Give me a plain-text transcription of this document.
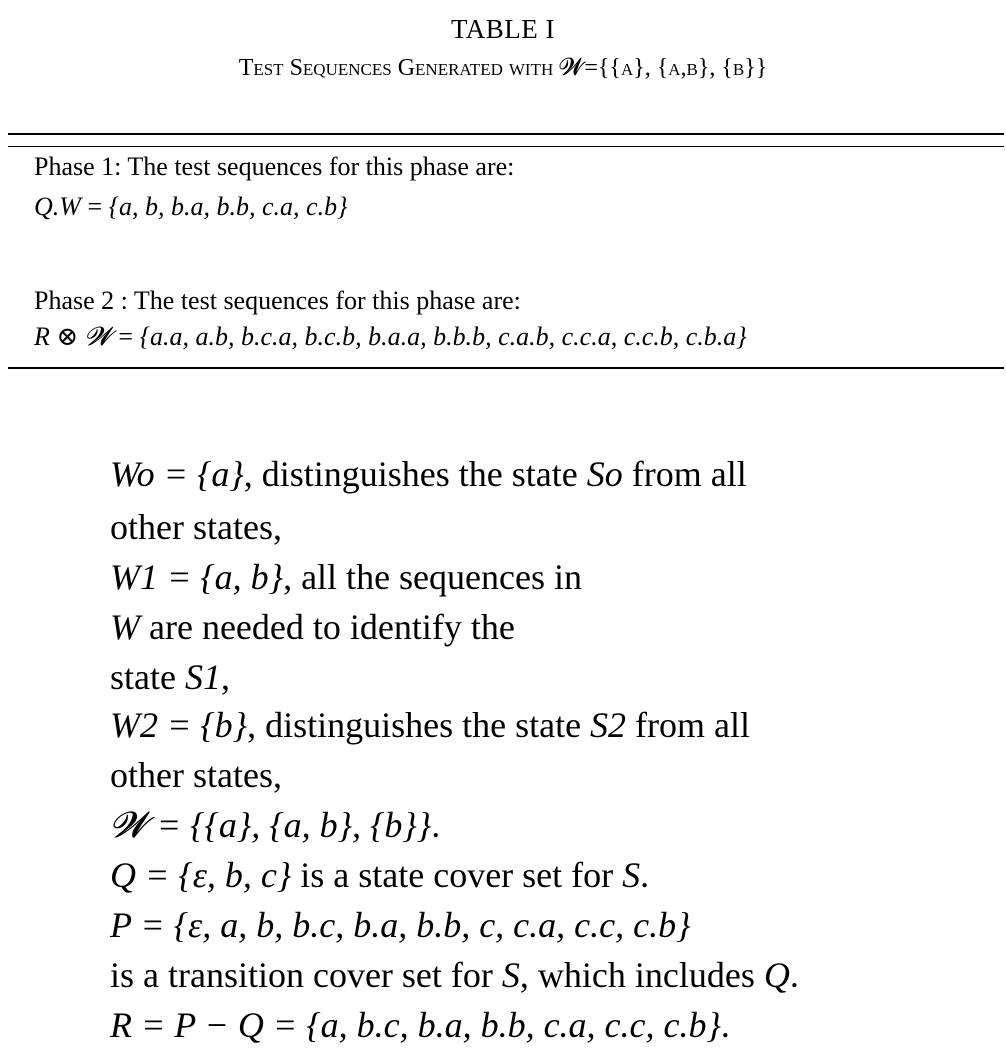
TABLE I
Test Sequences Generated with 𝓦={{a}, {a,b}, {b}}
Phase 1: The test sequences for this phase are:
Q.W = {a, b, b.a, b.b, c.a, c.b}
Phase 2 : The test sequences for this phase are:
R ⊗ 𝓦 = {a.a, a.b, b.c.a, b.c.b, b.a.a, b.b.b, c.a.b, c.c.a, c.c.b, c.b.a}
Wo = {a}, distinguishes the state So from all
other states,
W1 = {a, b}, all the sequences in
W are needed to identify the
state S1,
W2 = {b}, distinguishes the state S2 from all
other states,
𝓦 = {{a}, {a, b}, {b}}.
Q = {ε, b, c} is a state cover set for S.
P = {ε, a, b, b.c, b.a, b.b, c, c.a, c.c, c.b}
is a transition cover set for S, which includes Q.
R = P − Q = {a, b.c, b.a, b.b, c.a, c.c, c.b}.
